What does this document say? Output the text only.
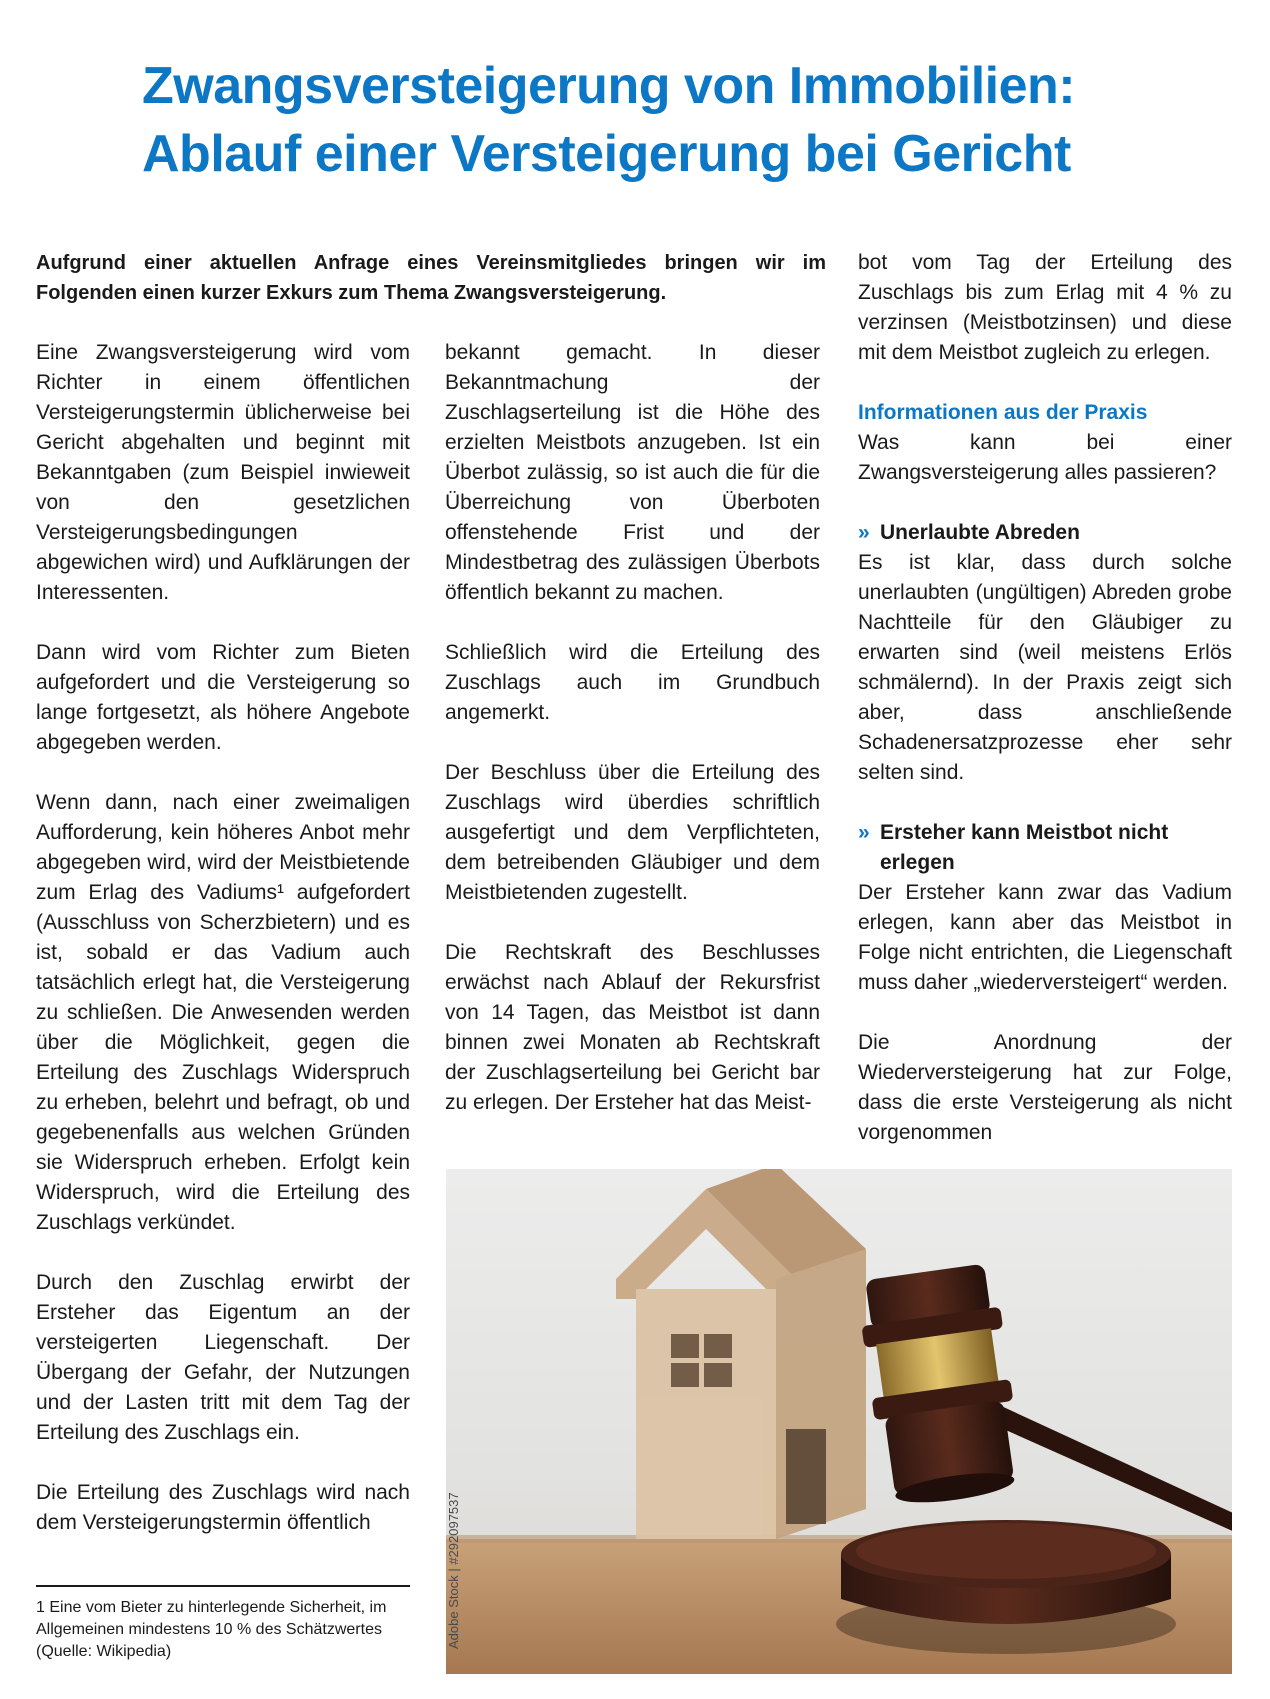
Zwangsversteigerung von Immobilien:
Ablauf einer Versteigerung bei Gericht
Aufgrund einer aktuellen Anfrage eines Vereinsmitgliedes bringen wir im Folgenden einen kurzer Exkurs zum Thema Zwangsversteigerung.

Eine Zwangsversteigerung wird vom Richter in einem öffentlichen Versteigerungstermin üblicherweise bei Gericht abgehalten und beginnt mit Bekanntgaben (zum Beispiel inwieweit von den gesetzlichen Versteigerungsbedingungen abgewichen wird) und Aufklärungen der Interessenten.

Dann wird vom Richter zum Bieten aufgefordert und die Versteigerung so lange fortgesetzt, als höhere Angebote abgegeben werden.

Wenn dann, nach einer zweimaligen Aufforderung, kein höheres Anbot mehr abgegeben wird, wird der Meistbietende zum Erlag des Vadiums¹ aufgefordert (Ausschluss von Scherzbietern) und es ist, sobald er das Vadium auch tatsächlich erlegt hat, die Versteigerung zu schließen. Die Anwesenden werden über die Möglichkeit, gegen die Erteilung des Zuschlags Widerspruch zu erheben, belehrt und befragt, ob und gegebenenfalls aus welchen Gründen sie Widerspruch erheben. Erfolgt kein Widerspruch, wird die Erteilung des Zuschlags verkündet.

Durch den Zuschlag erwirbt der Ersteher das Eigentum an der versteigerten Liegenschaft. Der Übergang der Gefahr, der Nutzungen und der Lasten tritt mit dem Tag der Erteilung des Zuschlags ein.

Die Erteilung des Zuschlags wird nach dem Versteigerungstermin öffentlich

bekannt gemacht. In dieser Bekanntmachung der Zuschlagserteilung ist die Höhe des erzielten Meistbots anzugeben. Ist ein Überbot zulässig, so ist auch die für die Überreichung von Überboten offenstehende Frist und der Mindestbetrag des zulässigen Überbots öffentlich bekannt zu machen.

Schließlich wird die Erteilung des Zuschlags auch im Grundbuch angemerkt.

Der Beschluss über die Erteilung des Zuschlags wird überdies schriftlich ausgefertigt und dem Verpflichteten, dem betreibenden Gläubiger und dem Meistbietenden zugestellt.

Die Rechtskraft des Beschlusses erwächst nach Ablauf der Rekursfrist von 14 Tagen, das Meistbot ist dann binnen zwei Monaten ab Rechtskraft der Zuschlagserteilung bei Gericht bar zu erlegen. Der Ersteher hat das Meist-

bot vom Tag der Erteilung des Zuschlags bis zum Erlag mit 4 % zu verzinsen (Meistbotzinsen) und diese mit dem Meistbot zugleich zu erlegen.

Informationen aus der Praxis

Was kann bei einer Zwangsversteigerung alles passieren?

» Unerlaubte Abreden

Es ist klar, dass durch solche unerlaubten (ungültigen) Abreden grobe Nachtteile für den Gläubiger zu erwarten sind (weil meistens Erlös schmälernd). In der Praxis zeigt sich aber, dass anschließende Schadenersatzprozesse eher sehr selten sind.

» Ersteher kann Meistbot nicht erlegen

Der Ersteher kann zwar das Vadium erlegen, kann aber das Meistbot in Folge nicht entrichten, die Liegenschaft muss daher „wiederversteigert“ werden.

Die Anordnung der Wiederversteigerung hat zur Folge, dass die erste Versteigerung als nicht vorgenommen

1 Eine vom Bieter zu hinterlegende Sicherheit, im Allgemeinen mindestens 10 % des Schätzwertes (Quelle: Wikipedia)
Adobe Stock | #292097537
